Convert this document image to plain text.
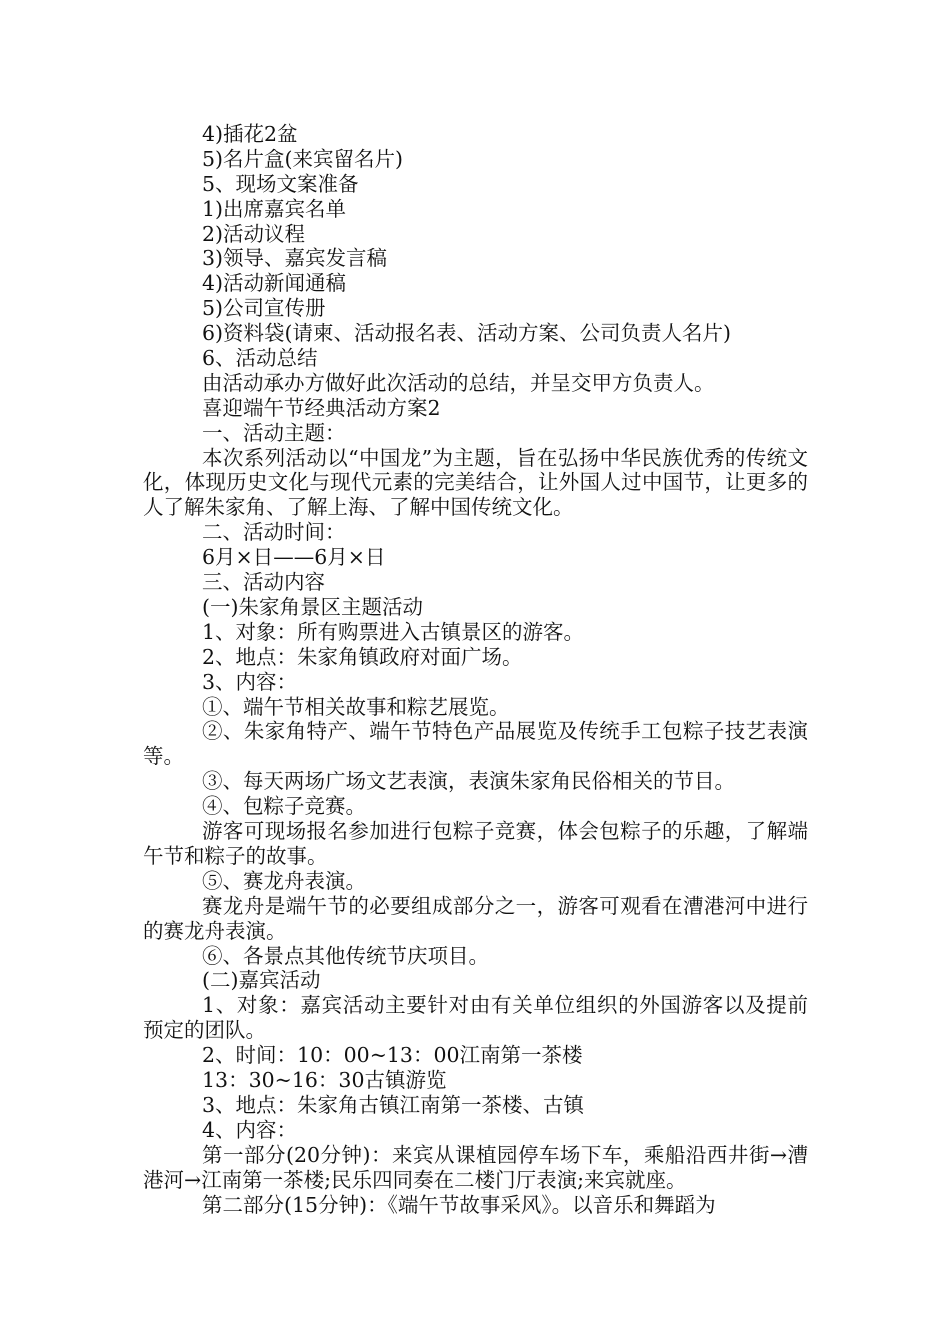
4)插花2盆
5)名片盒(来宾留名片)
5、现场文案准备
1)出席嘉宾名单
2)活动议程
3)领导、嘉宾发言稿
4)活动新闻通稿
5)公司宣传册
6)资料袋(请柬、活动报名表、活动方案、公司负责人名片)
6、活动总结
由活动承办方做好此次活动的总结，并呈交甲方负责人。
喜迎端午节经典活动方案2
一、活动主题：
本次系列活动以“中国龙”为主题，旨在弘扬中华民族优秀的传统文化，体现历史文化与现代元素的完美结合，让外国人过中国节，让更多的人了解朱家角、了解上海、了解中国传统文化。
二、活动时间：
6月×日——6月×日
三、活动内容
(一)朱家角景区主题活动
1、对象：所有购票进入古镇景区的游客。
2、地点：朱家角镇政府对面广场。
3、内容：
①、端午节相关故事和粽艺展览。
②、朱家角特产、端午节特色产品展览及传统手工包粽子技艺表演等。
③、每天两场广场文艺表演，表演朱家角民俗相关的节目。
④、包粽子竞赛。
游客可现场报名参加进行包粽子竞赛，体会包粽子的乐趣，了解端午节和粽子的故事。
⑤、赛龙舟表演。
赛龙舟是端午节的必要组成部分之一，游客可观看在漕港河中进行的赛龙舟表演。
⑥、各景点其他传统节庆项目。
(二)嘉宾活动
1、对象：嘉宾活动主要针对由有关单位组织的外国游客以及提前预定的团队。
2、时间：10：00~13：00江南第一茶楼
13：30~16：30古镇游览
3、地点：朱家角古镇江南第一茶楼、古镇
4、内容：
第一部分(20分钟)：来宾从课植园停车场下车，乘船沿西井街→漕港河→江南第一茶楼;民乐四同奏在二楼门厅表演;来宾就座。
第二部分(15分钟)：《端午节故事采风》。以音乐和舞蹈为
